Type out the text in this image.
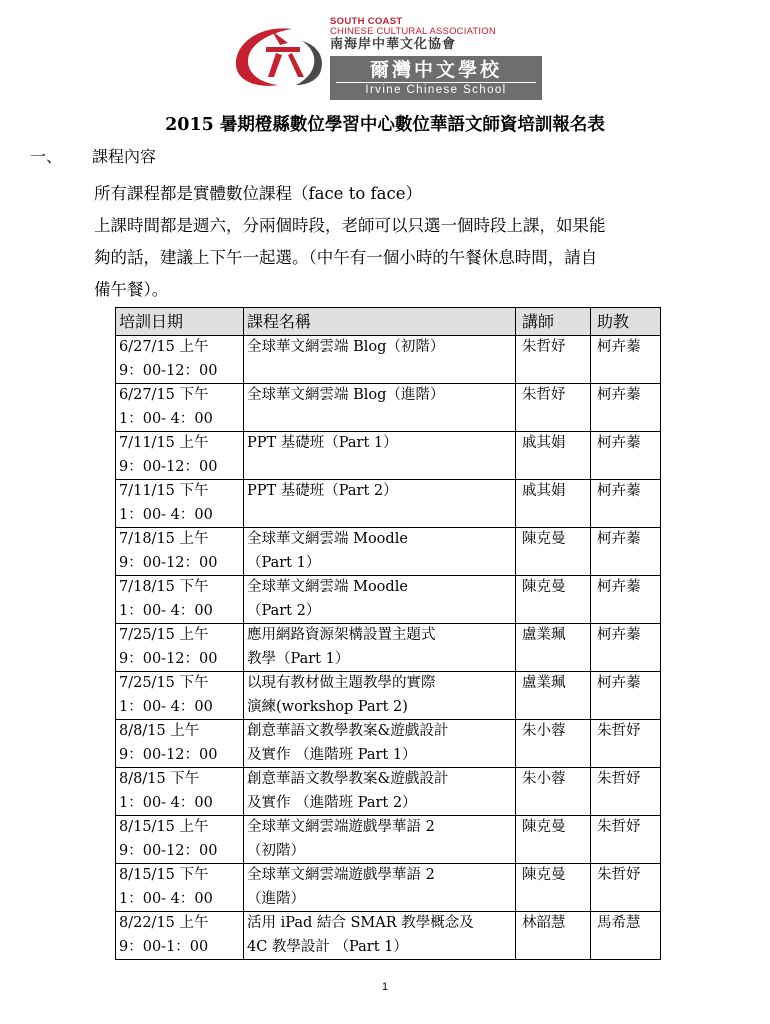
SOUTH COAST
CHINESE CULTURAL ASSOCIATION
南海岸中華文化協會
爾灣中文學校
Irvine Chinese School
2015 暑期橙縣數位學習中心數位華語文師資培訓報名表
一、 課程內容
所有課程都是實體數位課程（face to face）
上課時間都是週六，分兩個時段，老師可以只選一個時段上課，如果能
夠的話，建議上下午一起選。（中午有一個小時的午餐休息時間，請自
備午餐）。
培訓日期	課程名稱	講師	助教

6/27/15 上午
9：00-12：00	全球華文網雲端 Blog（初階）	朱哲妤	柯卉蓁

6/27/15 下午
1：00- 4：00	全球華文網雲端 Blog（進階）	朱哲妤	柯卉蓁

7/11/15 上午
9：00-12：00	PPT 基礎班（Part 1）	戚其娟	柯卉蓁

7/11/15 下午
1：00- 4：00	PPT 基礎班（Part 2）	戚其娟	柯卉蓁

7/18/15 上午
9：00-12：00	全球華文網雲端 Moodle
（Part 1）	陳克曼	柯卉蓁

7/18/15 下午
1：00- 4：00	全球華文網雲端 Moodle
（Part 2）	陳克曼	柯卉蓁

7/25/15 上午
9：00-12：00	應用網路資源架構設置主題式
教學（Part 1）	盧業珮	柯卉蓁

7/25/15 下午
1：00- 4：00	以現有教材做主題教學的實際
演練(workshop Part 2)	盧業珮	柯卉蓁

8/8/15 上午
9：00-12：00	創意華語文教學教案&遊戲設計
及實作 （進階班 Part 1）	朱小蓉	朱哲妤

8/8/15 下午
1：00- 4：00	創意華語文教學教案&遊戲設計
及實作 （進階班 Part 2）	朱小蓉	朱哲妤

8/15/15 上午
9：00-12：00	全球華文網雲端遊戲學華語 2
（初階）	陳克曼	朱哲妤

8/15/15 下午
1：00- 4：00	全球華文網雲端遊戲學華語 2
（進階）	陳克曼	朱哲妤

8/22/15 上午
9：00-1：00	活用 iPad 結合 SMAR 教學概念及
4C 教學設計 （Part 1）	林韶慧	馬希慧
1
